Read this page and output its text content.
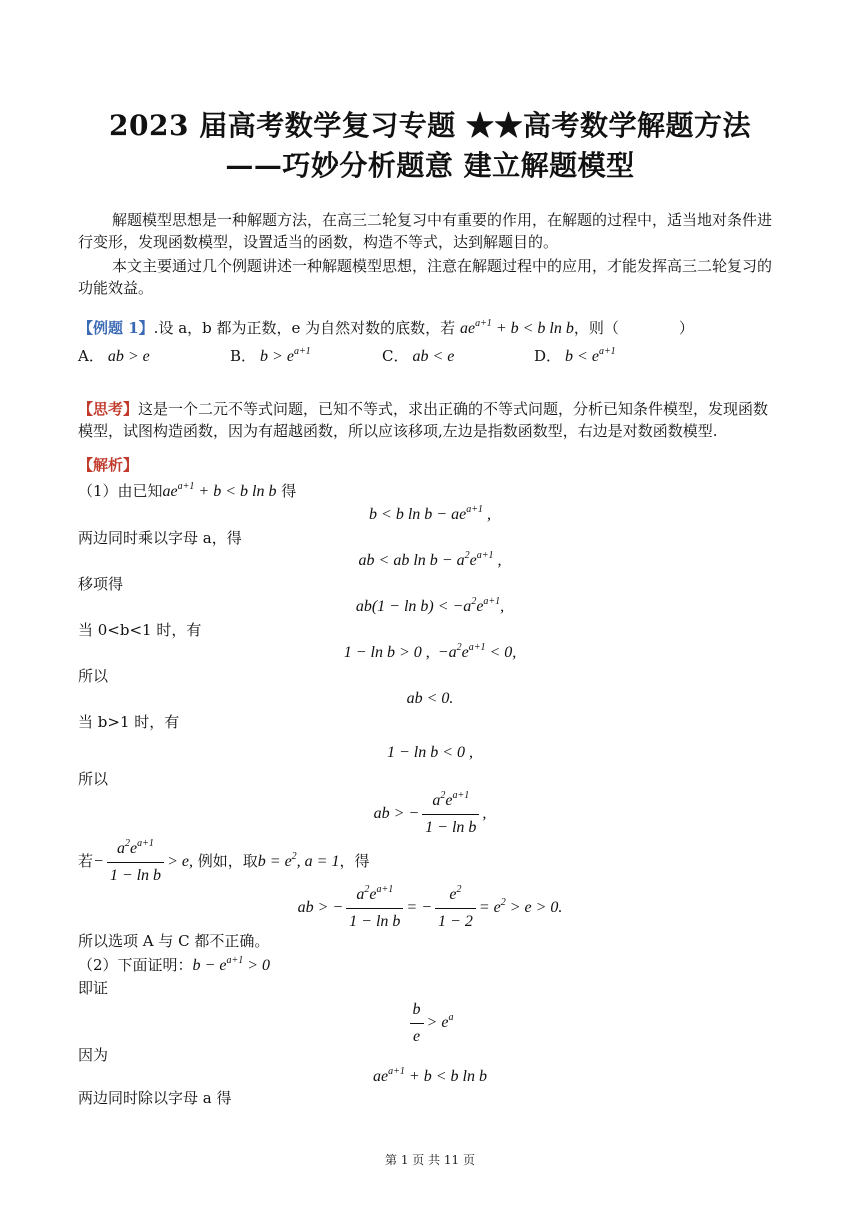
2023 届高考数学复习专题 ★★高考数学解题方法
——巧妙分析题意 建立解题模型
解题模型思想是一种解题方法，在高三二轮复习中有重要的作用，在解题的过程中，适当地对条件进行变形，发现函数模型，设置适当的函数，构造不等式，达到解题目的。
本文主要通过几个例题讲述一种解题模型思想，注意在解题过程中的应用，才能发挥高三二轮复习的功能效益。
【例题 1】.设 a，b 都为正数，e 为自然对数的底数，若 $ae^{a+1} + b < b$ ln b，则（　　　　）
A． ab > e	B． $b > e^{a+1}$	C． ab < e	D． $b < e^{a+1}$
【思考】这是一个二元不等式问题，已知不等式，求出正确的不等式问题，分析已知条件模型，发现函数模型，试图构造函数，因为有超越函数，所以应该移项,左边是指数函数型，右边是对数函数模型.
【解析】
（1）由已知$ae^{a+1} + b < b$ ln b 得
b < b $\ln b - ae^{a+1}$ ,
两边同时乘以字母 a，得
ab < ab $\ln b - a^2e^{a+1}$ ,
移项得
$ab(1 - \ln b) < -a^2e^{a+1}$,
当 0<b<1 时，有
1 − ln b > 0 ,  $-a^2e^{a+1} < 0$,
所以
ab < 0.
当 b>1 时，有
1 − ln b < 0 ,
所以
ab > − $\frac{a^2e^{a+1}}{\text{1 − ln b}}$ ,
若− $\frac{a^2e^{a+1}}{\text{1 − ln b}} > e$, 例如，取$b = e^2$, a = 1，得
ab > − $\frac{a^2e^{a+1}}{\text{1 − ln b}}$ = − $\frac{e^2}{1 - 2} = e^2 > e > 0$.
所以选项 A 与 C 都不正确。
（2）下面证明：$b - e^{a+1} > 0$
即证
$\frac{b}{e} > e^a$
因为
$ae^{a+1} + b < b$ ln b
两边同时除以字母 a 得
第 1 页 共 11 页
